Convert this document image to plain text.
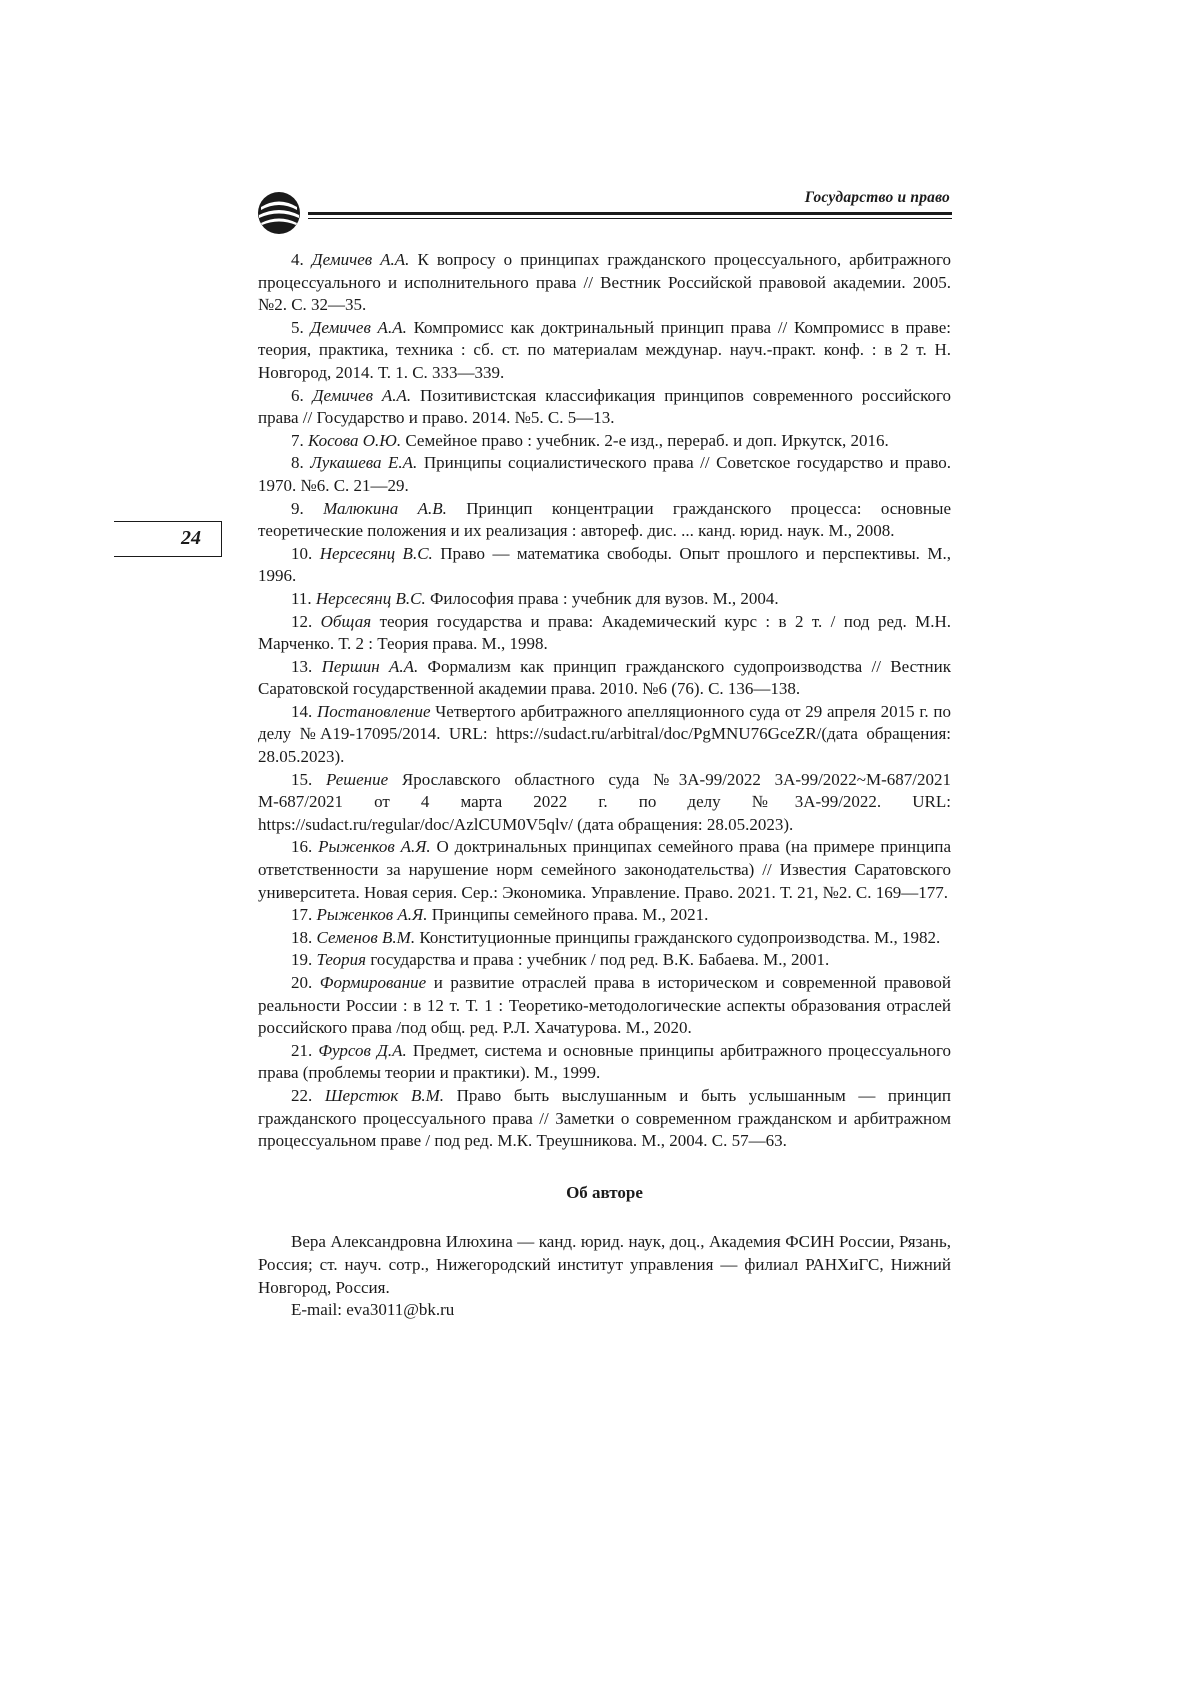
Государство и право
24

4. Демичев А.А. К вопросу о принципах гражданского процессуального, арбитражного процессуального и исполнительного права // Вестник Российской правовой академии. 2005. №2. С. 32—35.

5. Демичев А.А. Компромисс как доктринальный принцип права // Компромисс в праве: теория, практика, техника : сб. ст. по материалам междунар. науч.-практ. конф. : в 2 т. Н. Новгород, 2014. Т. 1. С. 333—339.

6. Демичев А.А. Позитивистская классификация принципов современного российского права // Государство и право. 2014. №5. С. 5—13.

7. Косова О.Ю. Семейное право : учебник. 2-е изд., перераб. и доп. Иркутск, 2016.

8. Лукашева Е.А. Принципы социалистического права // Советское государство и право. 1970. №6. С. 21—29.

9. Малюкина А.В. Принцип концентрации гражданского процесса: основные теоретические положения и их реализация : автореф. дис. ... канд. юрид. наук. М., 2008.

10. Нерсесянц В.С. Право — математика свободы. Опыт прошлого и перспективы. М., 1996.

11. Нерсесянц В.С. Философия права : учебник для вузов. М., 2004.

12. Общая теория государства и права: Академический курс : в 2 т. / под ред. М.Н. Марченко. Т. 2 : Теория права. М., 1998.

13. Першин А.А. Формализм как принцип гражданского судопроизводства // Вестник Саратовской государственной академии права. 2010. №6 (76). С. 136—138.

14. Постановление Четвертого арбитражного апелляционного суда от 29 апреля 2015 г. по делу №А19-17095/2014. URL: https://sudact.ru/arbitral/doc/PgMNU76GceZR/(дата обращения: 28.05.2023).

15. Решение Ярославского областного суда №3А-99/2022 3А-99/2022~М-687/2021 М-687/2021 от 4 марта 2022 г. по делу №3А-99/2022. URL: https://sudact.ru/regular/doc/AzlCUM0V5qlv/ (дата обращения: 28.05.2023).

16. Рыженков А.Я. О доктринальных принципах семейного права (на примере принципа ответственности за нарушение норм семейного законодательства) // Известия Саратовского университета. Новая серия. Сер.: Экономика. Управление. Право. 2021. Т. 21, №2. С. 169—177.

17. Рыженков А.Я. Принципы семейного права. М., 2021.

18. Семенов В.М. Конституционные принципы гражданского судопроизводства. М., 1982.

19. Теория государства и права : учебник / под ред. В.К. Бабаева. М., 2001.

20. Формирование и развитие отраслей права в историческом и современной правовой реальности России : в 12 т. Т. 1 : Теоретико-методологические аспекты образования отраслей российского права /под общ. ред. Р.Л. Хачатурова. М., 2020.

21. Фурсов Д.А. Предмет, система и основные принципы арбитражного процессуального права (проблемы теории и практики). М., 1999.

22. Шерстюк В.М. Право быть выслушанным и быть услышанным — принцип гражданского процессуального права // Заметки о современном гражданском и арбитражном процессуальном праве / под ред. М.К. Треушникова. М., 2004. С. 57—63.

Об авторе

Вера Александровна Илюхина — канд. юрид. наук, доц., Академия ФСИН России, Рязань, Россия; ст. науч. сотр., Нижегородский институт управления — филиал РАНХиГС, Нижний Новгород, Россия.

E-mail: eva3011@bk.ru
